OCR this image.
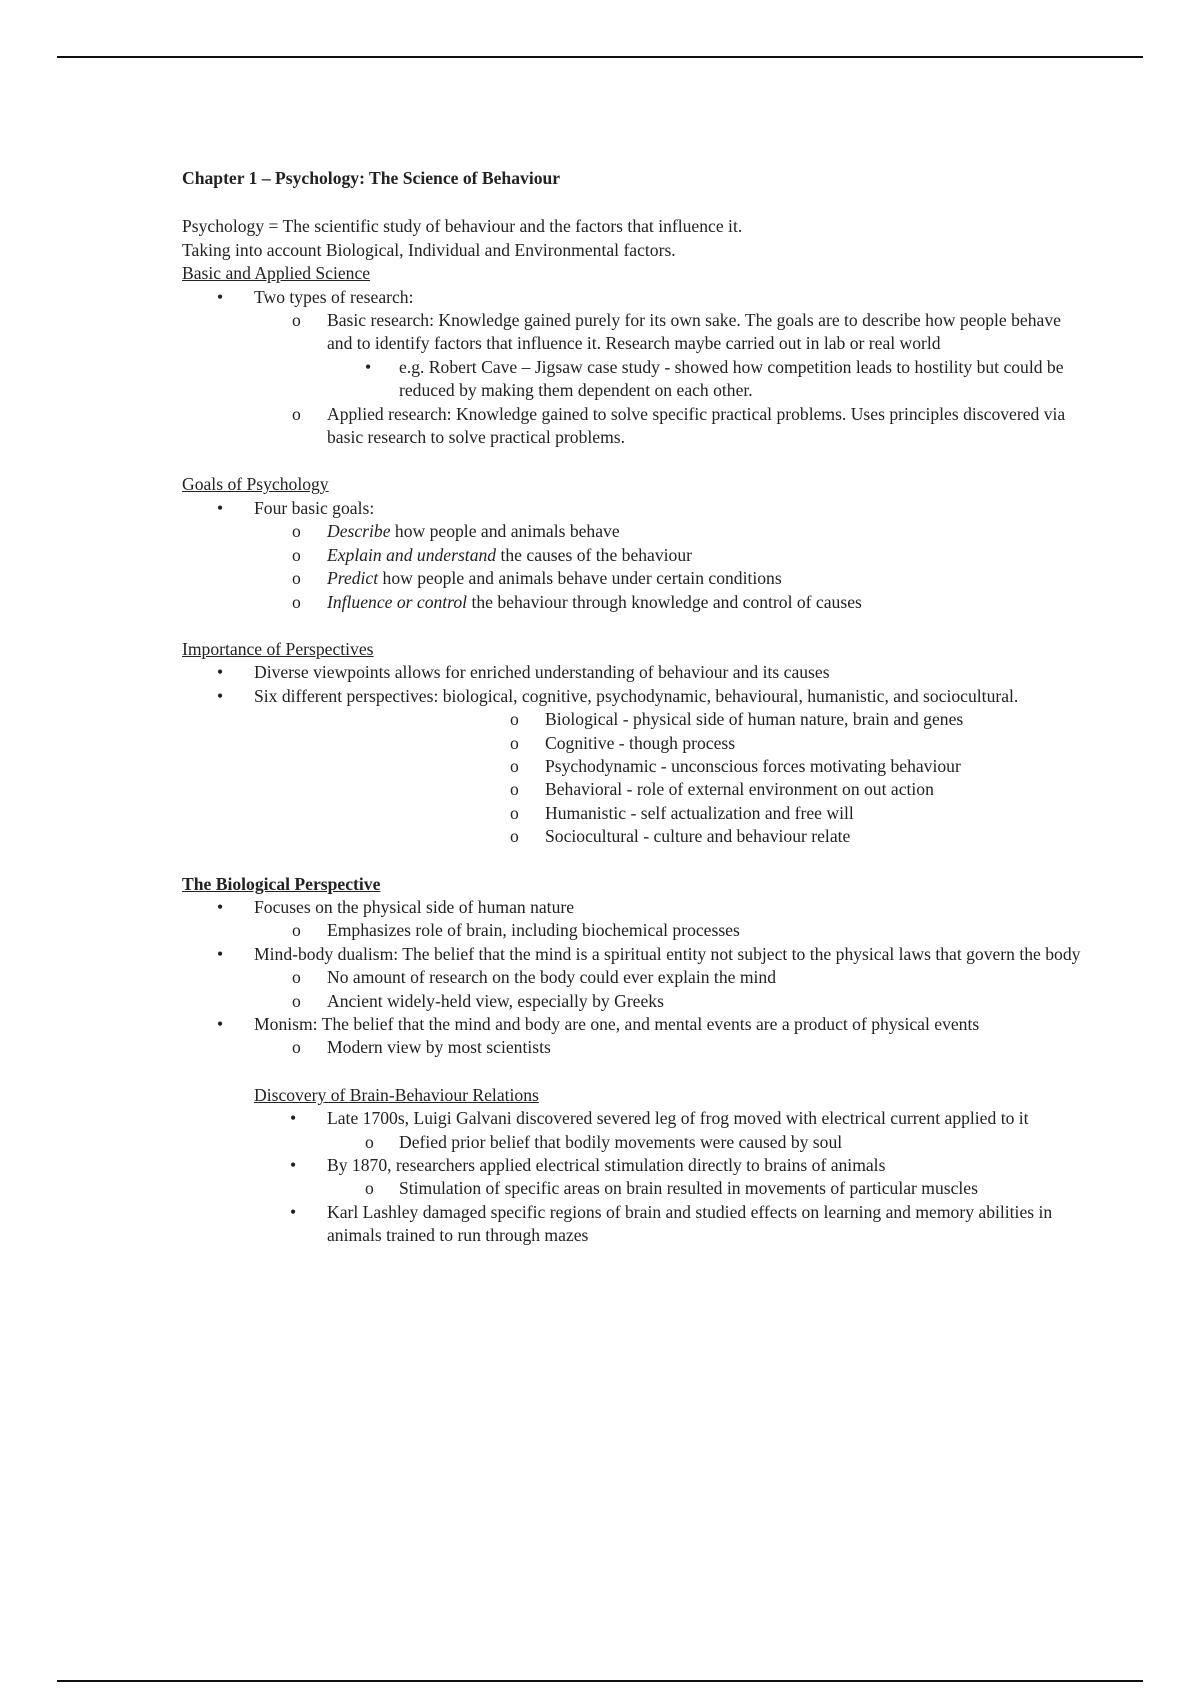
Chapter 1 – Psychology: The Science of Behaviour

Psychology = The scientific study of behaviour and the factors that influence it.

Taking into account Biological, Individual and Environmental factors.

Basic and Applied Science

• Two types of research:
o Basic research: Knowledge gained purely for its own sake. The goals are to describe how people behave and to identify factors that influence it. Research maybe carried out in lab or real world
• e.g. Robert Cave – Jigsaw case study - showed how competition leads to hostility but could be reduced by making them dependent on each other.
o Applied research: Knowledge gained to solve specific practical problems. Uses principles discovered via basic research to solve practical problems.

Goals of Psychology

• Four basic goals:
o Describe how people and animals behave
o Explain and understand the causes of the behaviour
o Predict how people and animals behave under certain conditions
o Influence or control the behaviour through knowledge and control of causes

Importance of Perspectives

• Diverse viewpoints allows for enriched understanding of behaviour and its causes
• Six different perspectives: biological, cognitive, psychodynamic, behavioural, humanistic, and sociocultural.
o Biological - physical side of human nature, brain and genes
o Cognitive - though process
o Psychodynamic - unconscious forces motivating behaviour
o Behavioral - role of external environment on out action
o Humanistic - self actualization and free will
o Sociocultural - culture and behaviour relate

The Biological Perspective

• Focuses on the physical side of human nature
o Emphasizes role of brain, including biochemical processes
• Mind-body dualism: The belief that the mind is a spiritual entity not subject to the physical laws that govern the body
o No amount of research on the body could ever explain the mind
o Ancient widely-held view, especially by Greeks
• Monism: The belief that the mind and body are one, and mental events are a product of physical events
o Modern view by most scientists

Discovery of Brain-Behaviour Relations

• Late 1700s, Luigi Galvani discovered severed leg of frog moved with electrical current applied to it
o Defied prior belief that bodily movements were caused by soul
• By 1870, researchers applied electrical stimulation directly to brains of animals
o Stimulation of specific areas on brain resulted in movements of particular muscles
• Karl Lashley damaged specific regions of brain and studied effects on learning and memory abilities in animals trained to run through mazes
